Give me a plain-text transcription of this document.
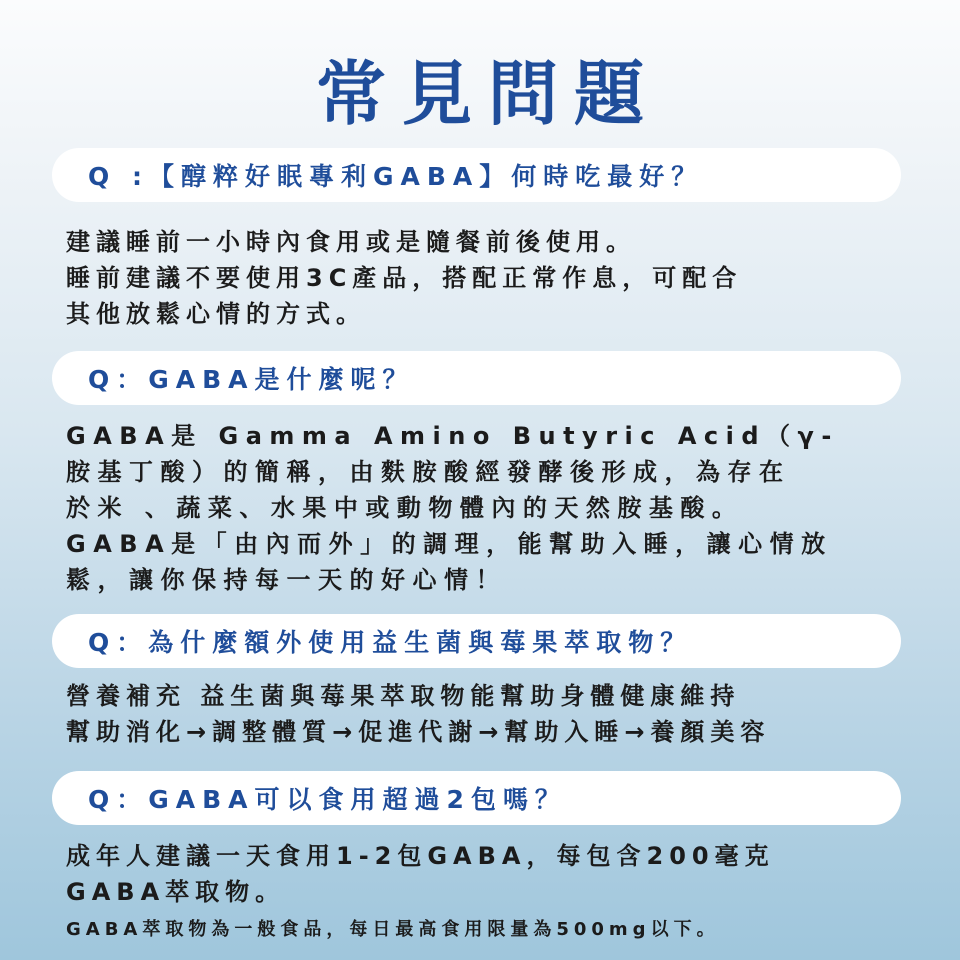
常見問題
Q :【醇粹好眠專利GABA】何時吃最好？
建議睡前一小時內食用或是隨餐前後使用。
睡前建議不要使用3C產品，搭配正常作息，可配合
其他放鬆心情的方式。
Q：GABA是什麼呢？
GABA是 Gamma Amino Butyric Acid（γ-
胺基丁酸）的簡稱，由麩胺酸經發酵後形成，為存在
於米 、蔬菜、水果中或動物體內的天然胺基酸。
GABA是「由內而外」的調理，能幫助入睡，讓心情放
鬆，讓你保持每一天的好心情！
Q：為什麼額外使用益生菌與莓果萃取物？
營養補充 益生菌與莓果萃取物能幫助身體健康維持
幫助消化→調整體質→促進代謝→幫助入睡→養顏美容
Q：GABA可以食用超過2包嗎？
成年人建議一天食用1-2包GABA，每包含200毫克
GABA萃取物。
GABA萃取物為一般食品，每日最高食用限量為500mg以下。
